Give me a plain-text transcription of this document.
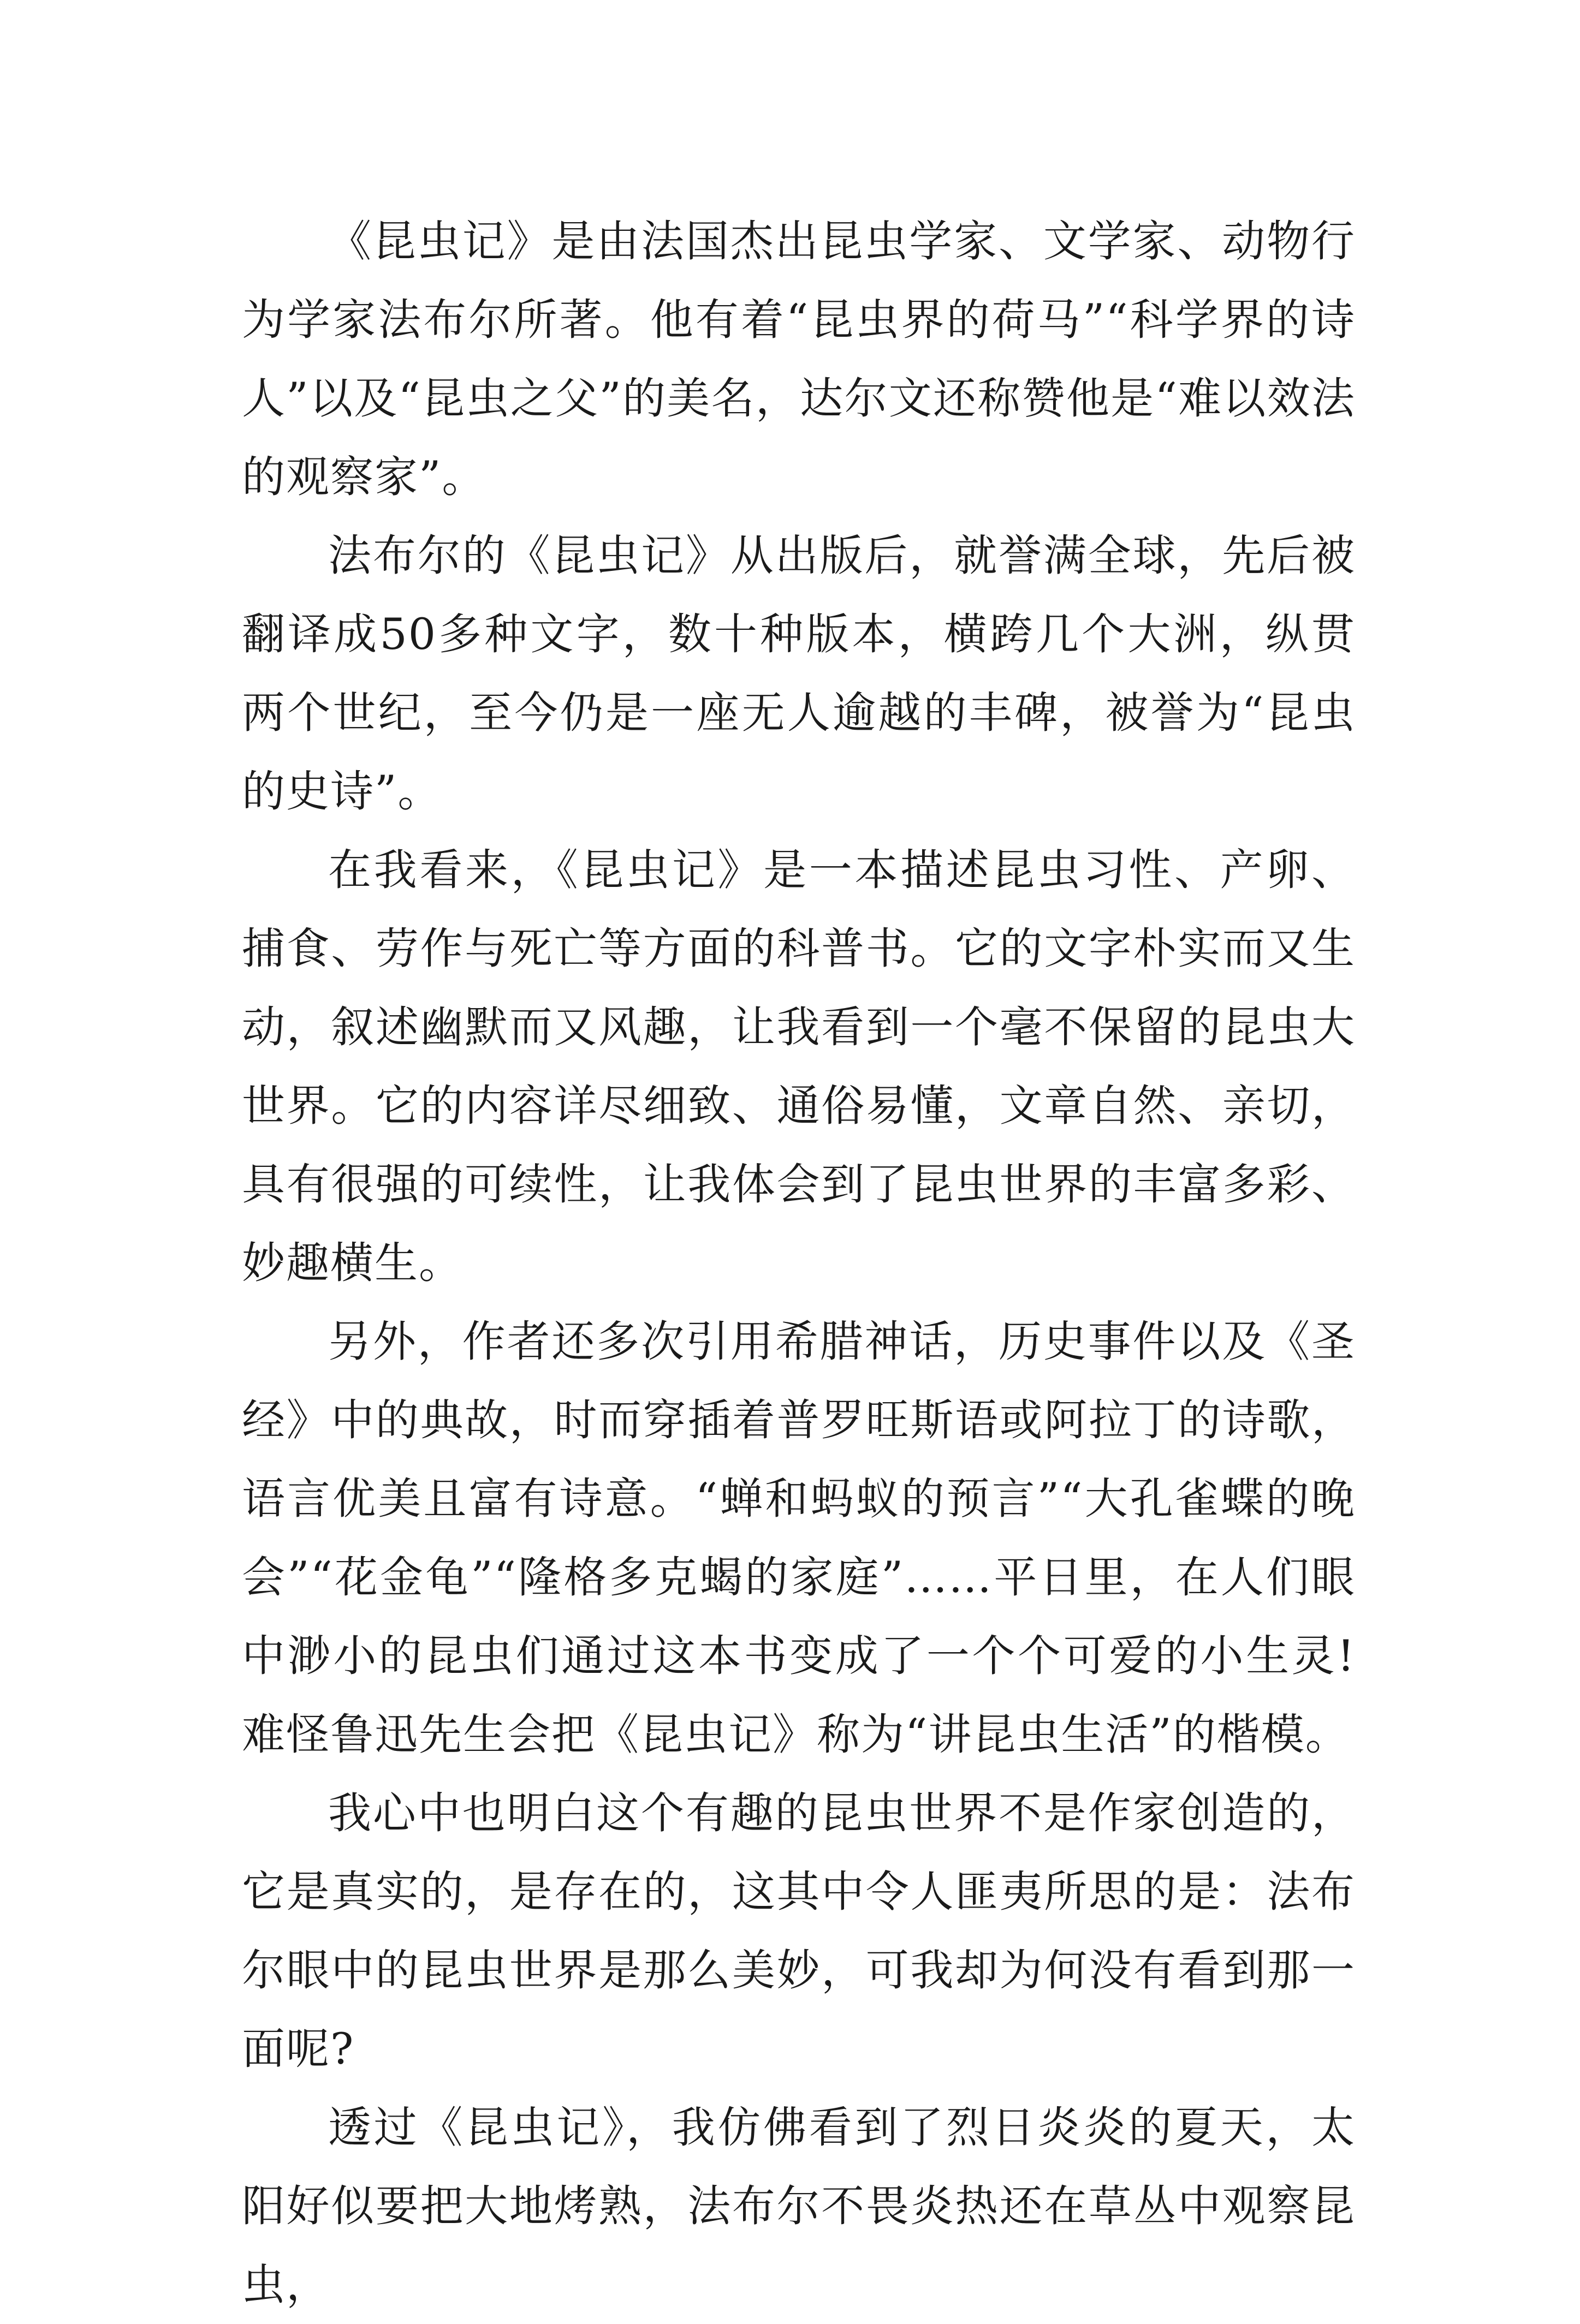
《昆虫记》是由法国杰出昆虫学家、文学家、动物行为学家法布尔所著。他有着“昆虫界的荷马”“科学界的诗人”以及“昆虫之父”的美名，达尔文还称赞他是“难以效法的观察家”。

法布尔的《昆虫记》从出版后，就誉满全球，先后被翻译成50多种文字，数十种版本，横跨几个大洲，纵贯两个世纪，至今仍是一座无人逾越的丰碑，被誉为“昆虫的史诗”。

在我看来，《昆虫记》是一本描述昆虫习性、产卵、捕食、劳作与死亡等方面的科普书。它的文字朴实而又生动，叙述幽默而又风趣，让我看到一个毫不保留的昆虫大世界。它的内容详尽细致、通俗易懂，文章自然、亲切，具有很强的可续性，让我体会到了昆虫世界的丰富多彩、妙趣横生。

另外，作者还多次引用希腊神话，历史事件以及《圣经》中的典故，时而穿插着普罗旺斯语或阿拉丁的诗歌，语言优美且富有诗意。“蝉和蚂蚁的预言”“大孔雀蝶的晚会”“花金龟”“隆格多克蝎的家庭”……平日里，在人们眼中渺小的昆虫们通过这本书变成了一个个可爱的小生灵!难怪鲁迅先生会把《昆虫记》称为“讲昆虫生活”的楷模。

我心中也明白这个有趣的昆虫世界不是作家创造的，它是真实的，是存在的，这其中令人匪夷所思的是：法布尔眼中的昆虫世界是那么美妙，可我却为何没有看到那一面呢?

透过《昆虫记》，我仿佛看到了烈日炎炎的夏天，太阳好似要把大地烤熟，法布尔不畏炎热还在草丛中观察昆虫，
